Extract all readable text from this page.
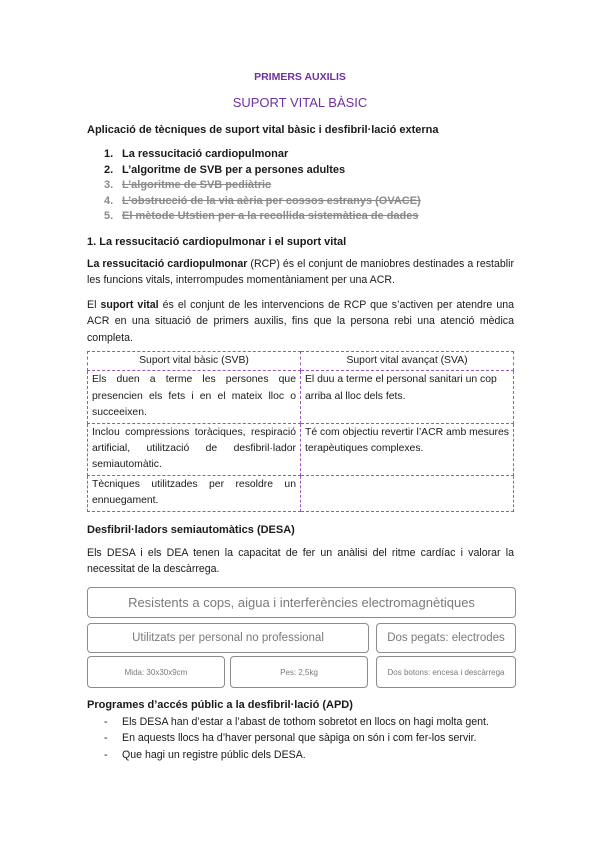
PRIMERS AUXILIS
SUPORT VITAL BÀSIC
Aplicació de tècniques de suport vital bàsic i desfibril·lació externa
1. La ressucitació cardiopulmonar
2. L’algoritme de SVB per a persones adultes
3. L’algoritme de SVB pediàtric
4. L’obstrucció de la via aèria per cossos estranys (OVACE)
5. El mètode Utstien per a la recollida sistemàtica de dades
1. La ressucitació cardiopulmonar i el suport vital
La ressucitació cardiopulmonar (RCP) és el conjunt de maniobres destinades a restablir les funcions vitals, interrompudes momentàniament per una ACR.
El suport vital és el conjunt de les intervencions de RCP que s’activen per atendre una ACR en una situació de primers auxilis, fins que la persona rebi una atenció mèdica completa.
Suport vital bàsic (SVB)	Suport vital avançat (SVA)
Els duen a terme les persones que presencien els fets i en el mateix lloc o succeeixen.	El duu a terme el personal sanitari un cop arriba al lloc dels fets.
Inclou compressions toràciques, respiració artificial, utilització de desfibril·lador semiautomàtic.	Té com objectiu revertir l’ACR amb mesures terapèutiques complexes.
Tècniques utilitzades per resoldre un ennuegament.	
Desfibril·ladors semiautomàtics (DESA)
Els DESA i els DEA tenen la capacitat de fer un anàlisi del ritme cardíac i valorar la necessitat de la descàrrega.
Resistents a cops, aigua i interferències electromagnètiques
Utilitzats per personal no professional	Dos pegats: electrodes
Mida: 30x30x9cm	Pes: 2,5kg	Dos botons: encesa i descàrrega
Programes d’accés públic a la desfibril·lació (APD)
- Els DESA han d’estar a l’abast de tothom sobretot en llocs on hagi molta gent.
- En aquests llocs ha d’haver personal que sàpiga on són i com fer-los servir.
- Que hagi un registre públic dels DESA.
